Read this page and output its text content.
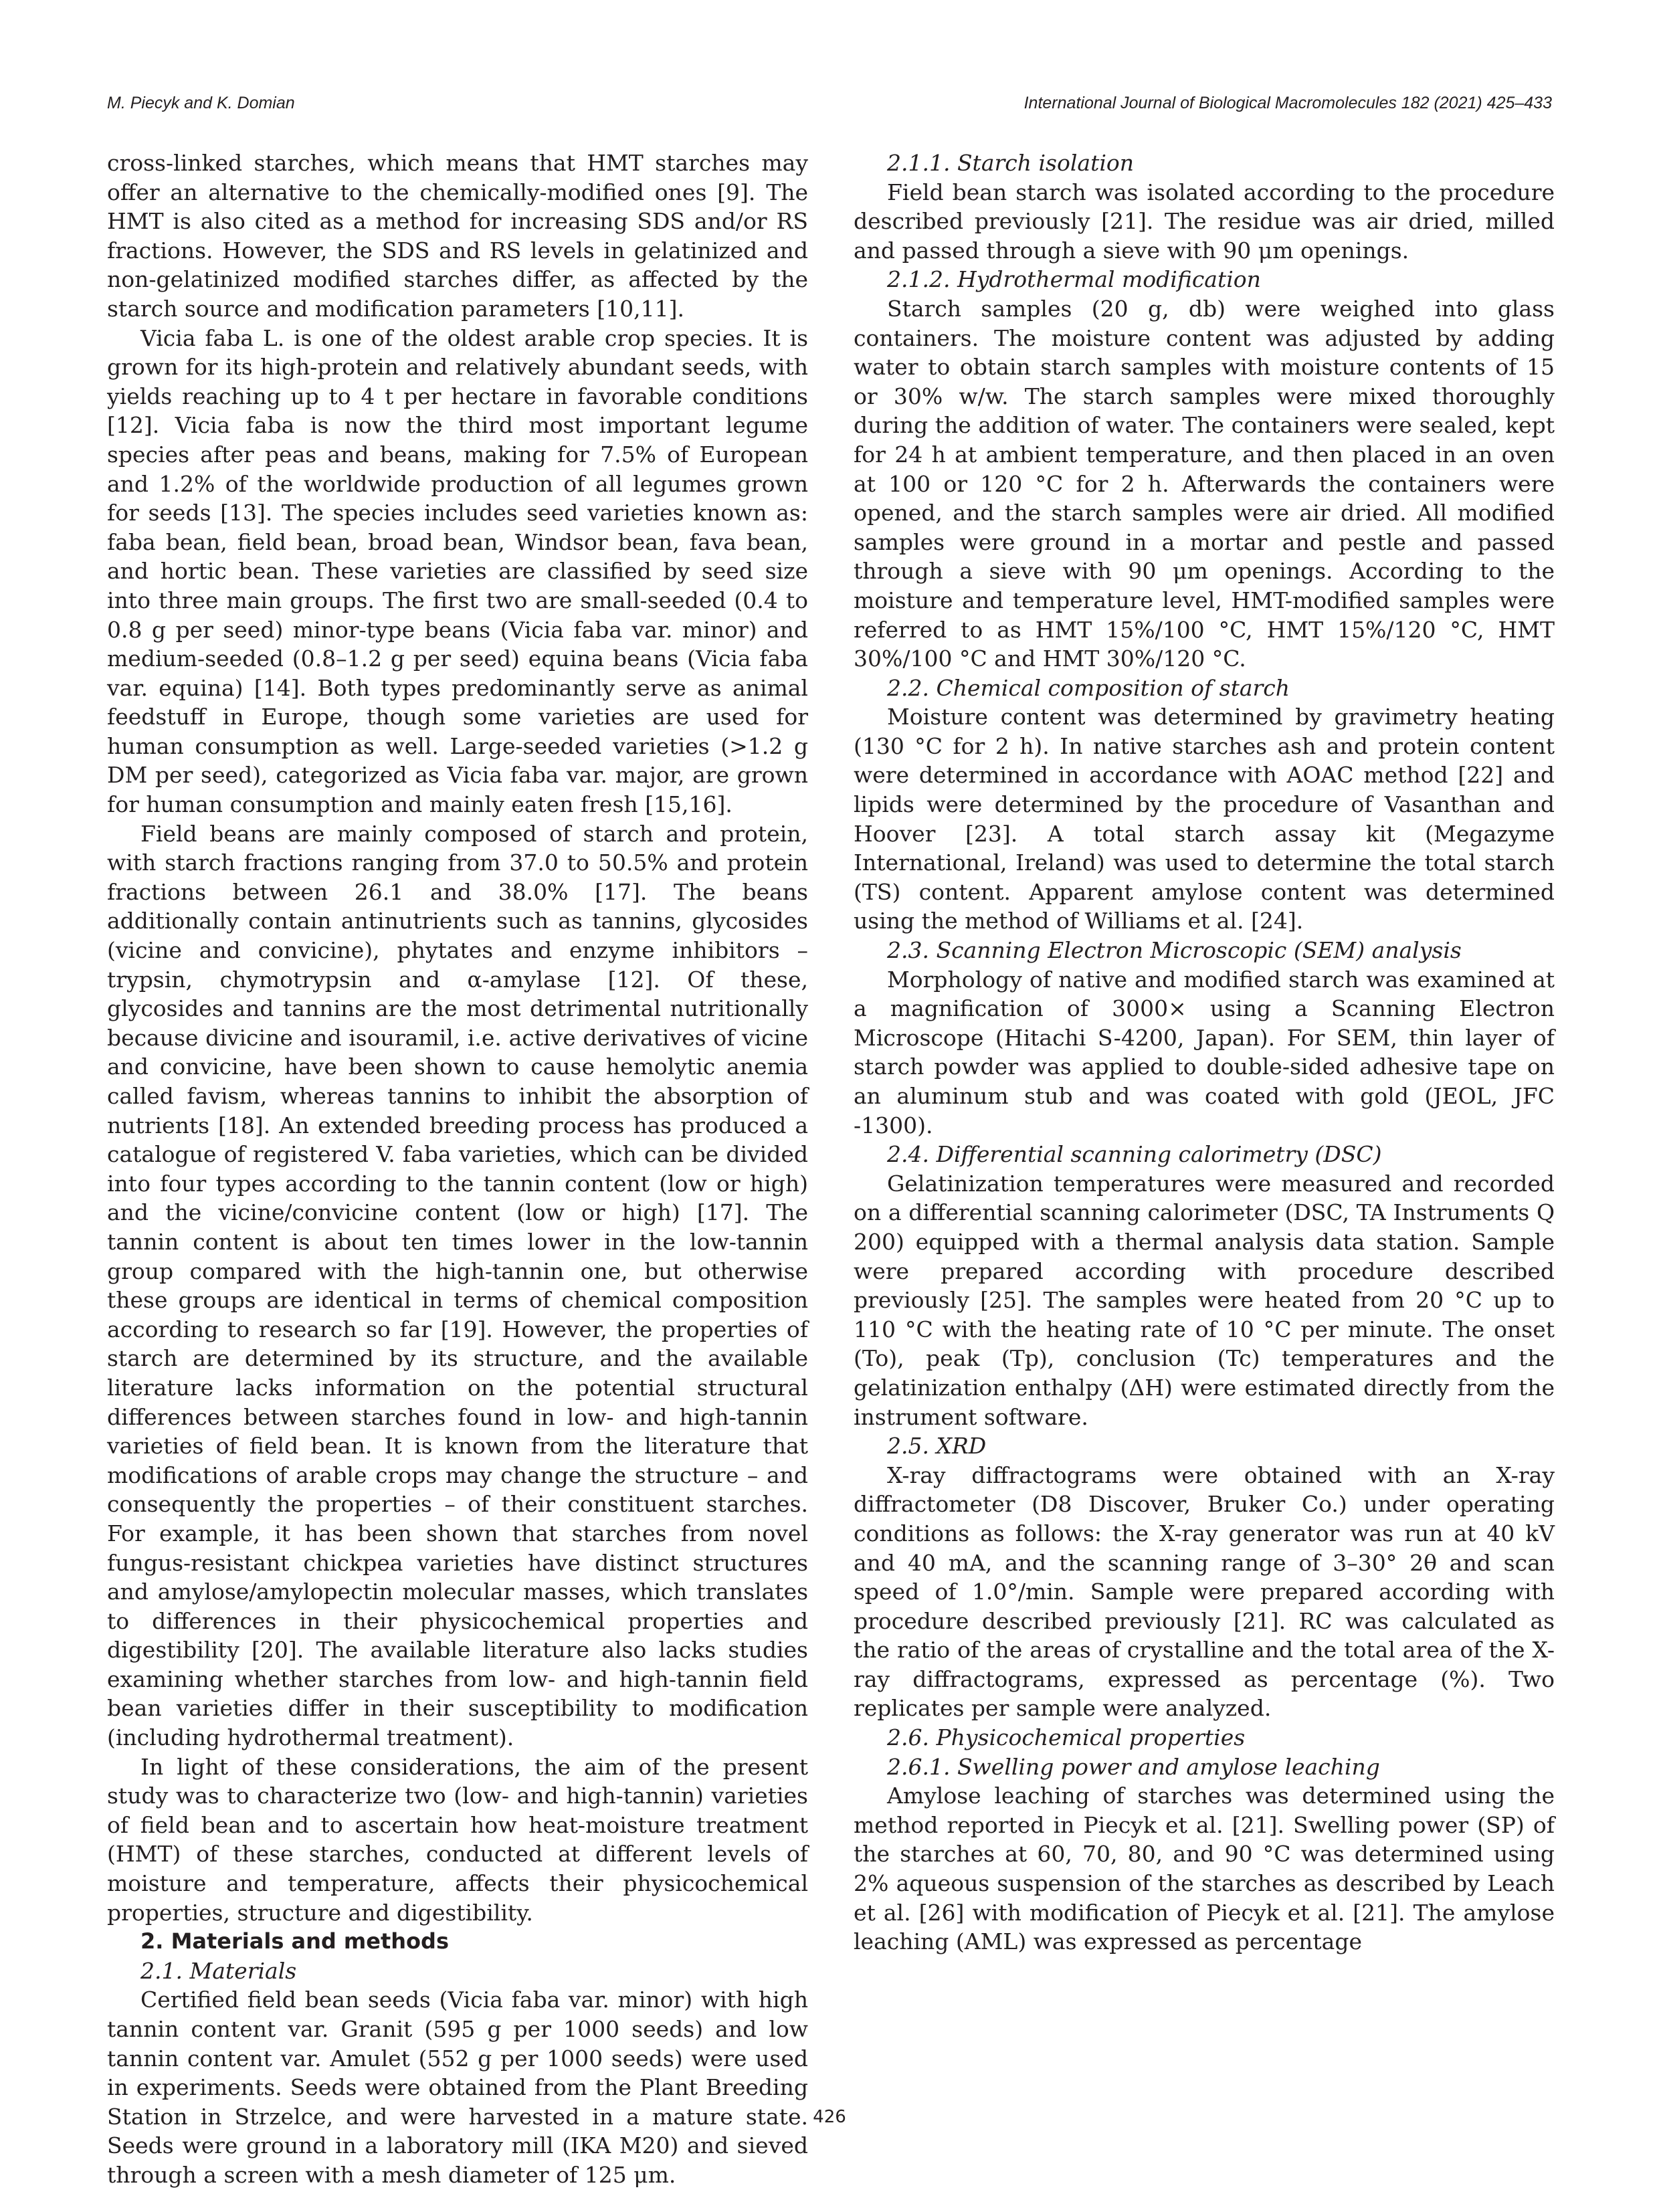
M. Piecyk and K. Domian	International Journal of Biological Macromolecules 182 (2021) 425–433

cross-linked starches, which means that HMT starches may offer an alternative to the chemically-modified ones [9]. The HMT is also cited as a method for increasing SDS and/or RS fractions. However, the SDS and RS levels in gelatinized and non-gelatinized modified starches differ, as affected by the starch source and modification parameters [10,11].

Vicia faba L. is one of the oldest arable crop species. It is grown for its high-protein and relatively abundant seeds, with yields reaching up to 4 t per hectare in favorable conditions [12]. Vicia faba is now the third most important legume species after peas and beans, making for 7.5% of European and 1.2% of the worldwide production of all legumes grown for seeds [13]. The species includes seed varieties known as: faba bean, field bean, broad bean, Windsor bean, fava bean, and hortic bean. These varieties are classified by seed size into three main groups. The first two are small-seeded (0.4 to 0.8 g per seed) minor-type beans (Vicia faba var. minor) and medium-seeded (0.8–1.2 g per seed) equina beans (Vicia faba var. equina) [14]. Both types predominantly serve as animal feedstuff in Europe, though some varieties are used for human consumption as well. Large-seeded varieties (>1.2 g DM per seed), categorized as Vicia faba var. major, are grown for human consumption and mainly eaten fresh [15,16].

Field beans are mainly composed of starch and protein, with starch fractions ranging from 37.0 to 50.5% and protein fractions between 26.1 and 38.0% [17]. The beans additionally contain antinutrients such as tannins, glycosides (vicine and convicine), phytates and enzyme inhibitors – trypsin, chymotrypsin and α-amylase [12]. Of these, glycosides and tannins are the most detrimental nutritionally because divicine and isouramil, i.e. active derivatives of vicine and convicine, have been shown to cause hemolytic anemia called favism, whereas tannins to inhibit the absorption of nutrients [18]. An extended breeding process has produced a catalogue of registered V. faba varieties, which can be divided into four types according to the tannin content (low or high) and the vicine/convicine content (low or high) [17]. The tannin content is about ten times lower in the low-tannin group compared with the high-tannin one, but otherwise these groups are identical in terms of chemical composition according to research so far [19]. However, the properties of starch are determined by its structure, and the available literature lacks information on the potential structural differences between starches found in low- and high-tannin varieties of field bean. It is known from the literature that modifications of arable crops may change the structure – and consequently the properties – of their constituent starches. For example, it has been shown that starches from novel fungus-resistant chickpea varieties have distinct structures and amylose/amylopectin molecular masses, which translates to differences in their physicochemical properties and digestibility [20]. The available literature also lacks studies examining whether starches from low- and high-tannin field bean varieties differ in their susceptibility to modification (including hydrothermal treatment).

In light of these considerations, the aim of the present study was to characterize two (low- and high-tannin) varieties of field bean and to ascertain how heat-moisture treatment (HMT) of these starches, conducted at different levels of moisture and temperature, affects their physicochemical properties, structure and digestibility.

2. Materials and methods

2.1. Materials

Certified field bean seeds (Vicia faba var. minor) with high tannin content var. Granit (595 g per 1000 seeds) and low tannin content var. Amulet (552 g per 1000 seeds) were used in experiments. Seeds were obtained from the Plant Breeding Station in Strzelce, and were harvested in a mature state. Seeds were ground in a laboratory mill (IKA M20) and sieved through a screen with a mesh diameter of 125 μm.

2.1.1. Starch isolation

Field bean starch was isolated according to the procedure described previously [21]. The residue was air dried, milled and passed through a sieve with 90 μm openings.

2.1.2. Hydrothermal modification

Starch samples (20 g, db) were weighed into glass containers. The moisture content was adjusted by adding water to obtain starch samples with moisture contents of 15 or 30% w/w. The starch samples were mixed thoroughly during the addition of water. The containers were sealed, kept for 24 h at ambient temperature, and then placed in an oven at 100 or 120 °C for 2 h. Afterwards the containers were opened, and the starch samples were air dried. All modified samples were ground in a mortar and pestle and passed through a sieve with 90 μm openings. According to the moisture and temperature level, HMT-modified samples were referred to as HMT 15%/100 °C, HMT 15%/120 °C, HMT 30%/100 °C and HMT 30%/120 °C.

2.2. Chemical composition of starch

Moisture content was determined by gravimetry heating (130 °C for 2 h). In native starches ash and protein content were determined in accordance with AOAC method [22] and lipids were determined by the procedure of Vasanthan and Hoover [23]. A total starch assay kit (Megazyme International, Ireland) was used to determine the total starch (TS) content. Apparent amylose content was determined using the method of Williams et al. [24].

2.3. Scanning Electron Microscopic (SEM) analysis

Morphology of native and modified starch was examined at a magnification of 3000× using a Scanning Electron Microscope (Hitachi S-4200, Japan). For SEM, thin layer of starch powder was applied to double-sided adhesive tape on an aluminum stub and was coated with gold (JEOL, JFC -1300).

2.4. Differential scanning calorimetry (DSC)

Gelatinization temperatures were measured and recorded on a differential scanning calorimeter (DSC, TA Instruments Q 200) equipped with a thermal analysis data station. Sample were prepared according with procedure described previously [25]. The samples were heated from 20 °C up to 110 °C with the heating rate of 10 °C per minute. The onset (To), peak (Tp), conclusion (Tc) temperatures and the gelatinization enthalpy (ΔH) were estimated directly from the instrument software.

2.5. XRD

X-ray diffractograms were obtained with an X-ray diffractometer (D8 Discover, Bruker Co.) under operating conditions as follows: the X-ray generator was run at 40 kV and 40 mA, and the scanning range of 3–30° 2θ and scan speed of 1.0°/min. Sample were prepared according with procedure described previously [21]. RC was calculated as the ratio of the areas of crystalline and the total area of the X-ray diffractograms, expressed as percentage (%). Two replicates per sample were analyzed.

2.6. Physicochemical properties

2.6.1. Swelling power and amylose leaching

Amylose leaching of starches was determined using the method reported in Piecyk et al. [21]. Swelling power (SP) of the starches at 60, 70, 80, and 90 °C was determined using 2% aqueous suspension of the starches as described by Leach et al. [26] with modification of Piecyk et al. [21]. The amylose leaching (AML) was expressed as percentage

426
